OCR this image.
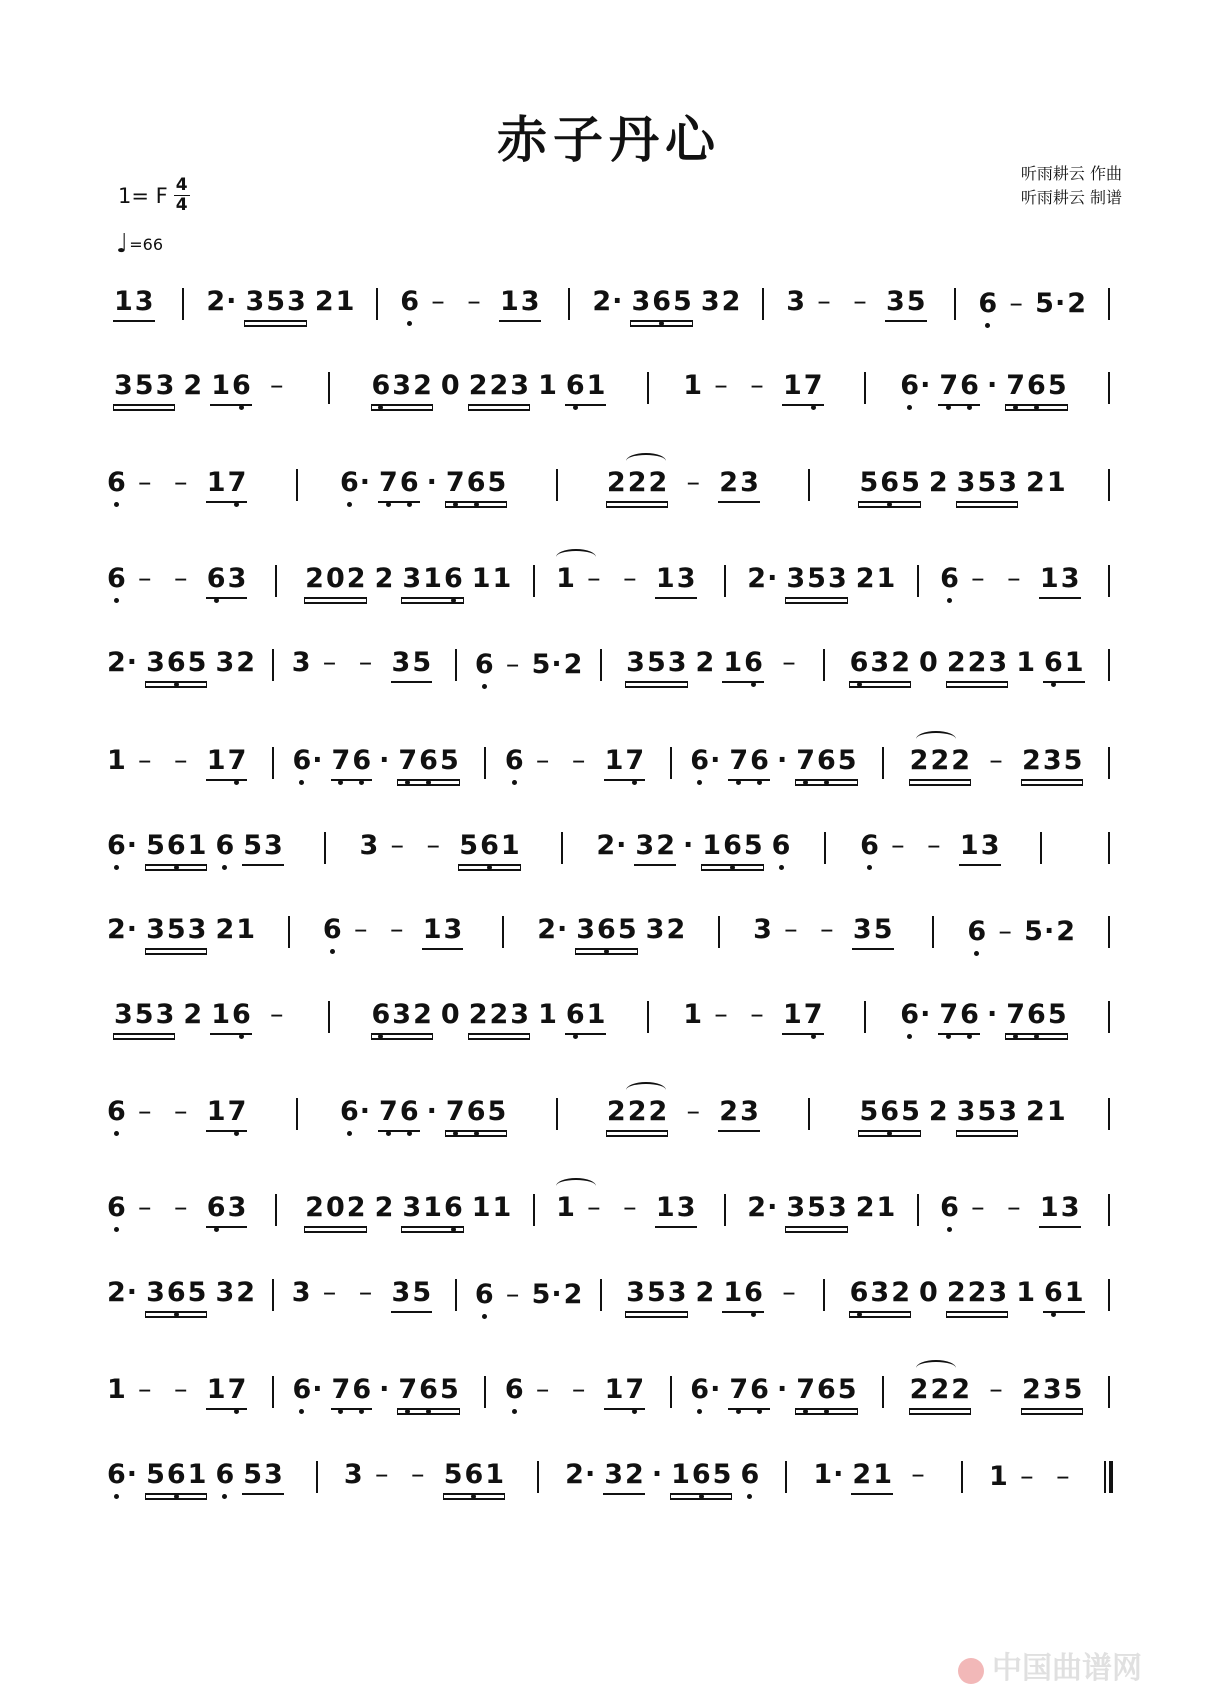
赤子丹心
1= F 4
4
♩ =66
听雨耕云 作曲
听雨耕云 制谱
1 3 2 · 3 5 3 2 1 6 – – 1 3 2 · 3 6 5 3 2 3 – – 3 5 6 – 5 · 2
3 5 3 2 1 6 –	6 3 2 0 2 2 3 1 6 1	1 – – 1 7	6 · 7 6 · 7 6 5
6 – – 1 7	6 · 7 6 · 7 6 5	2 2 2 – 2 3	5 6 5 2 3 5 3 2 1
6 – – 6 3 2 0 2 2 3 1 6 1 1 1 – – 1 3 2 · 3 5 3 2 1 6 – – 1 3
2 · 3 6 5 3 2 3 – – 3 5 6 – 5 · 2 3 5 3 2 1 6 –	6 3 2 0 2 2 3 1 6 1
1 – – 1 7 6 · 7 6 · 7 6 5 6 – – 1 7 6 · 7 6 · 7 6 5 2 2 2 – 2 3 5
6 · 5 6 1 6 5 3	3 – – 5 6 1	2 · 3 2 · 1 6 5 6	6 – – 1 3
2 · 3 5 3 2 1	6 – – 1 3	2 · 3 6 5 3 2	3 – – 3 5	6 – 5 · 2
3 5 3 2 1 6 –	6 3 2 0 2 2 3 1 6 1	1 – – 1 7	6 · 7 6 · 7 6 5
6 – – 1 7	6 · 7 6 · 7 6 5	2 2 2 – 2 3	5 6 5 2 3 5 3 2 1
6 – – 6 3 2 0 2 2 3 1 6 1 1 1 – – 1 3 2 · 3 5 3 2 1 6 – – 1 3
2 · 3 6 5 3 2 3 – – 3 5 6 – 5 · 2 3 5 3 2 1 6 –	6 3 2 0 2 2 3 1 6 1
1 – – 1 7 6 · 7 6 · 7 6 5 6 – – 1 7 6 · 7 6 · 7 6 5 2 2 2 – 2 3 5
6 · 5 6 1 6 5 3 3 – – 5 6 1 2 · 3 2 · 1 6 5 6 1 · 2 1 –	1 – –
中国曲谱网
